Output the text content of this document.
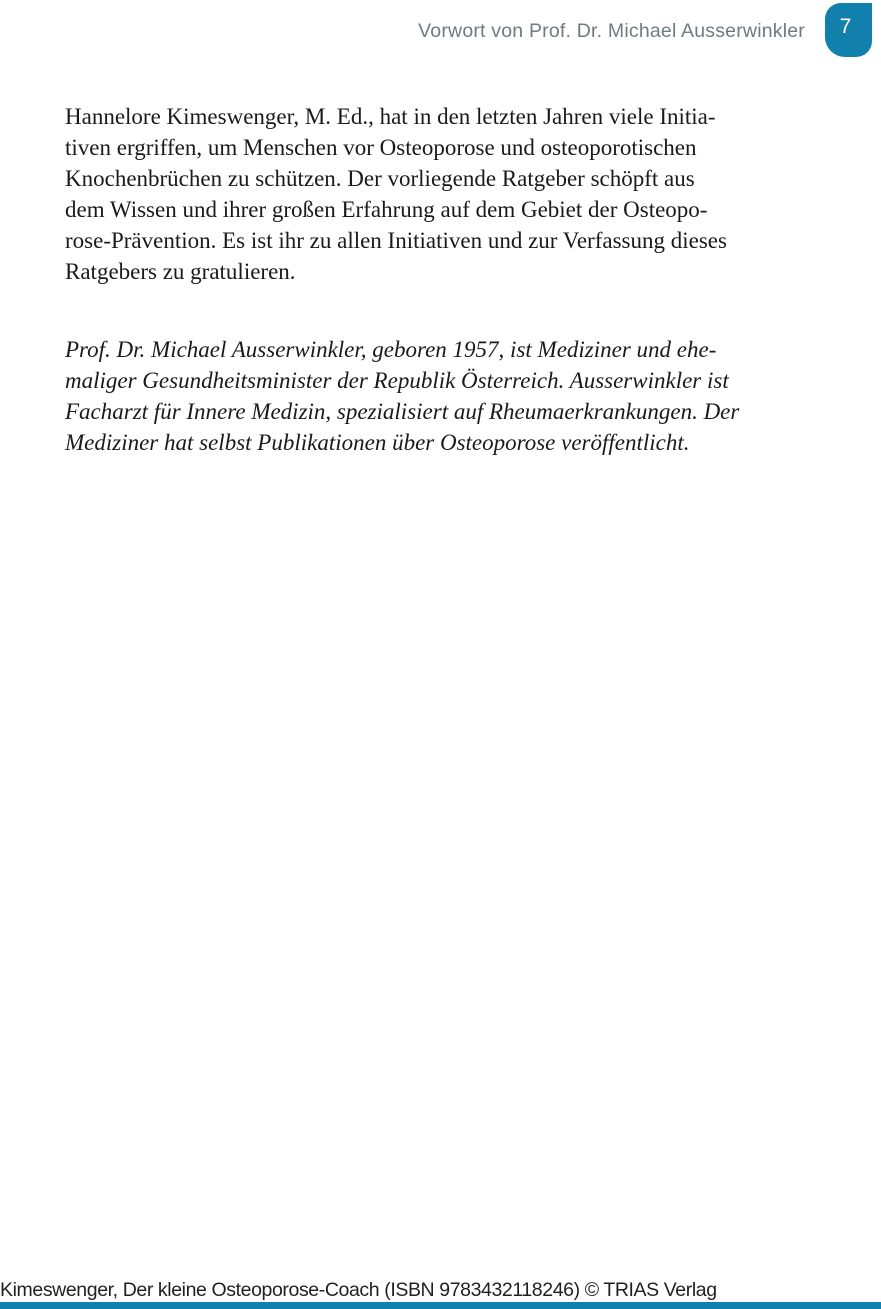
Vorwort von Prof. Dr. Michael Ausserwinkler 7
Hannelore Kimeswenger, M. Ed., hat in den letzten Jahren viele Initia-
tiven ergriffen, um Menschen vor Osteoporose und osteoporotischen
Knochenbrüchen zu schützen. Der vorliegende Ratgeber schöpft aus
dem Wissen und ihrer großen Erfahrung auf dem Gebiet der Osteopo-
rose-Prävention. Es ist ihr zu allen Initiativen und zur Verfassung dieses
Ratgebers zu gratulieren.
Prof. Dr. Michael Ausserwinkler, geboren 1957, ist Mediziner und ehe-
maliger Gesundheitsminister der Republik Österreich. Ausserwinkler ist
Facharzt für Innere Medizin, spezialisiert auf Rheumaerkrankungen. Der
Mediziner hat selbst Publikationen über Osteoporose veröffentlicht.
Kimeswenger, Der kleine Osteoporose-Coach (ISBN 9783432118246) © TRIAS Verlag
